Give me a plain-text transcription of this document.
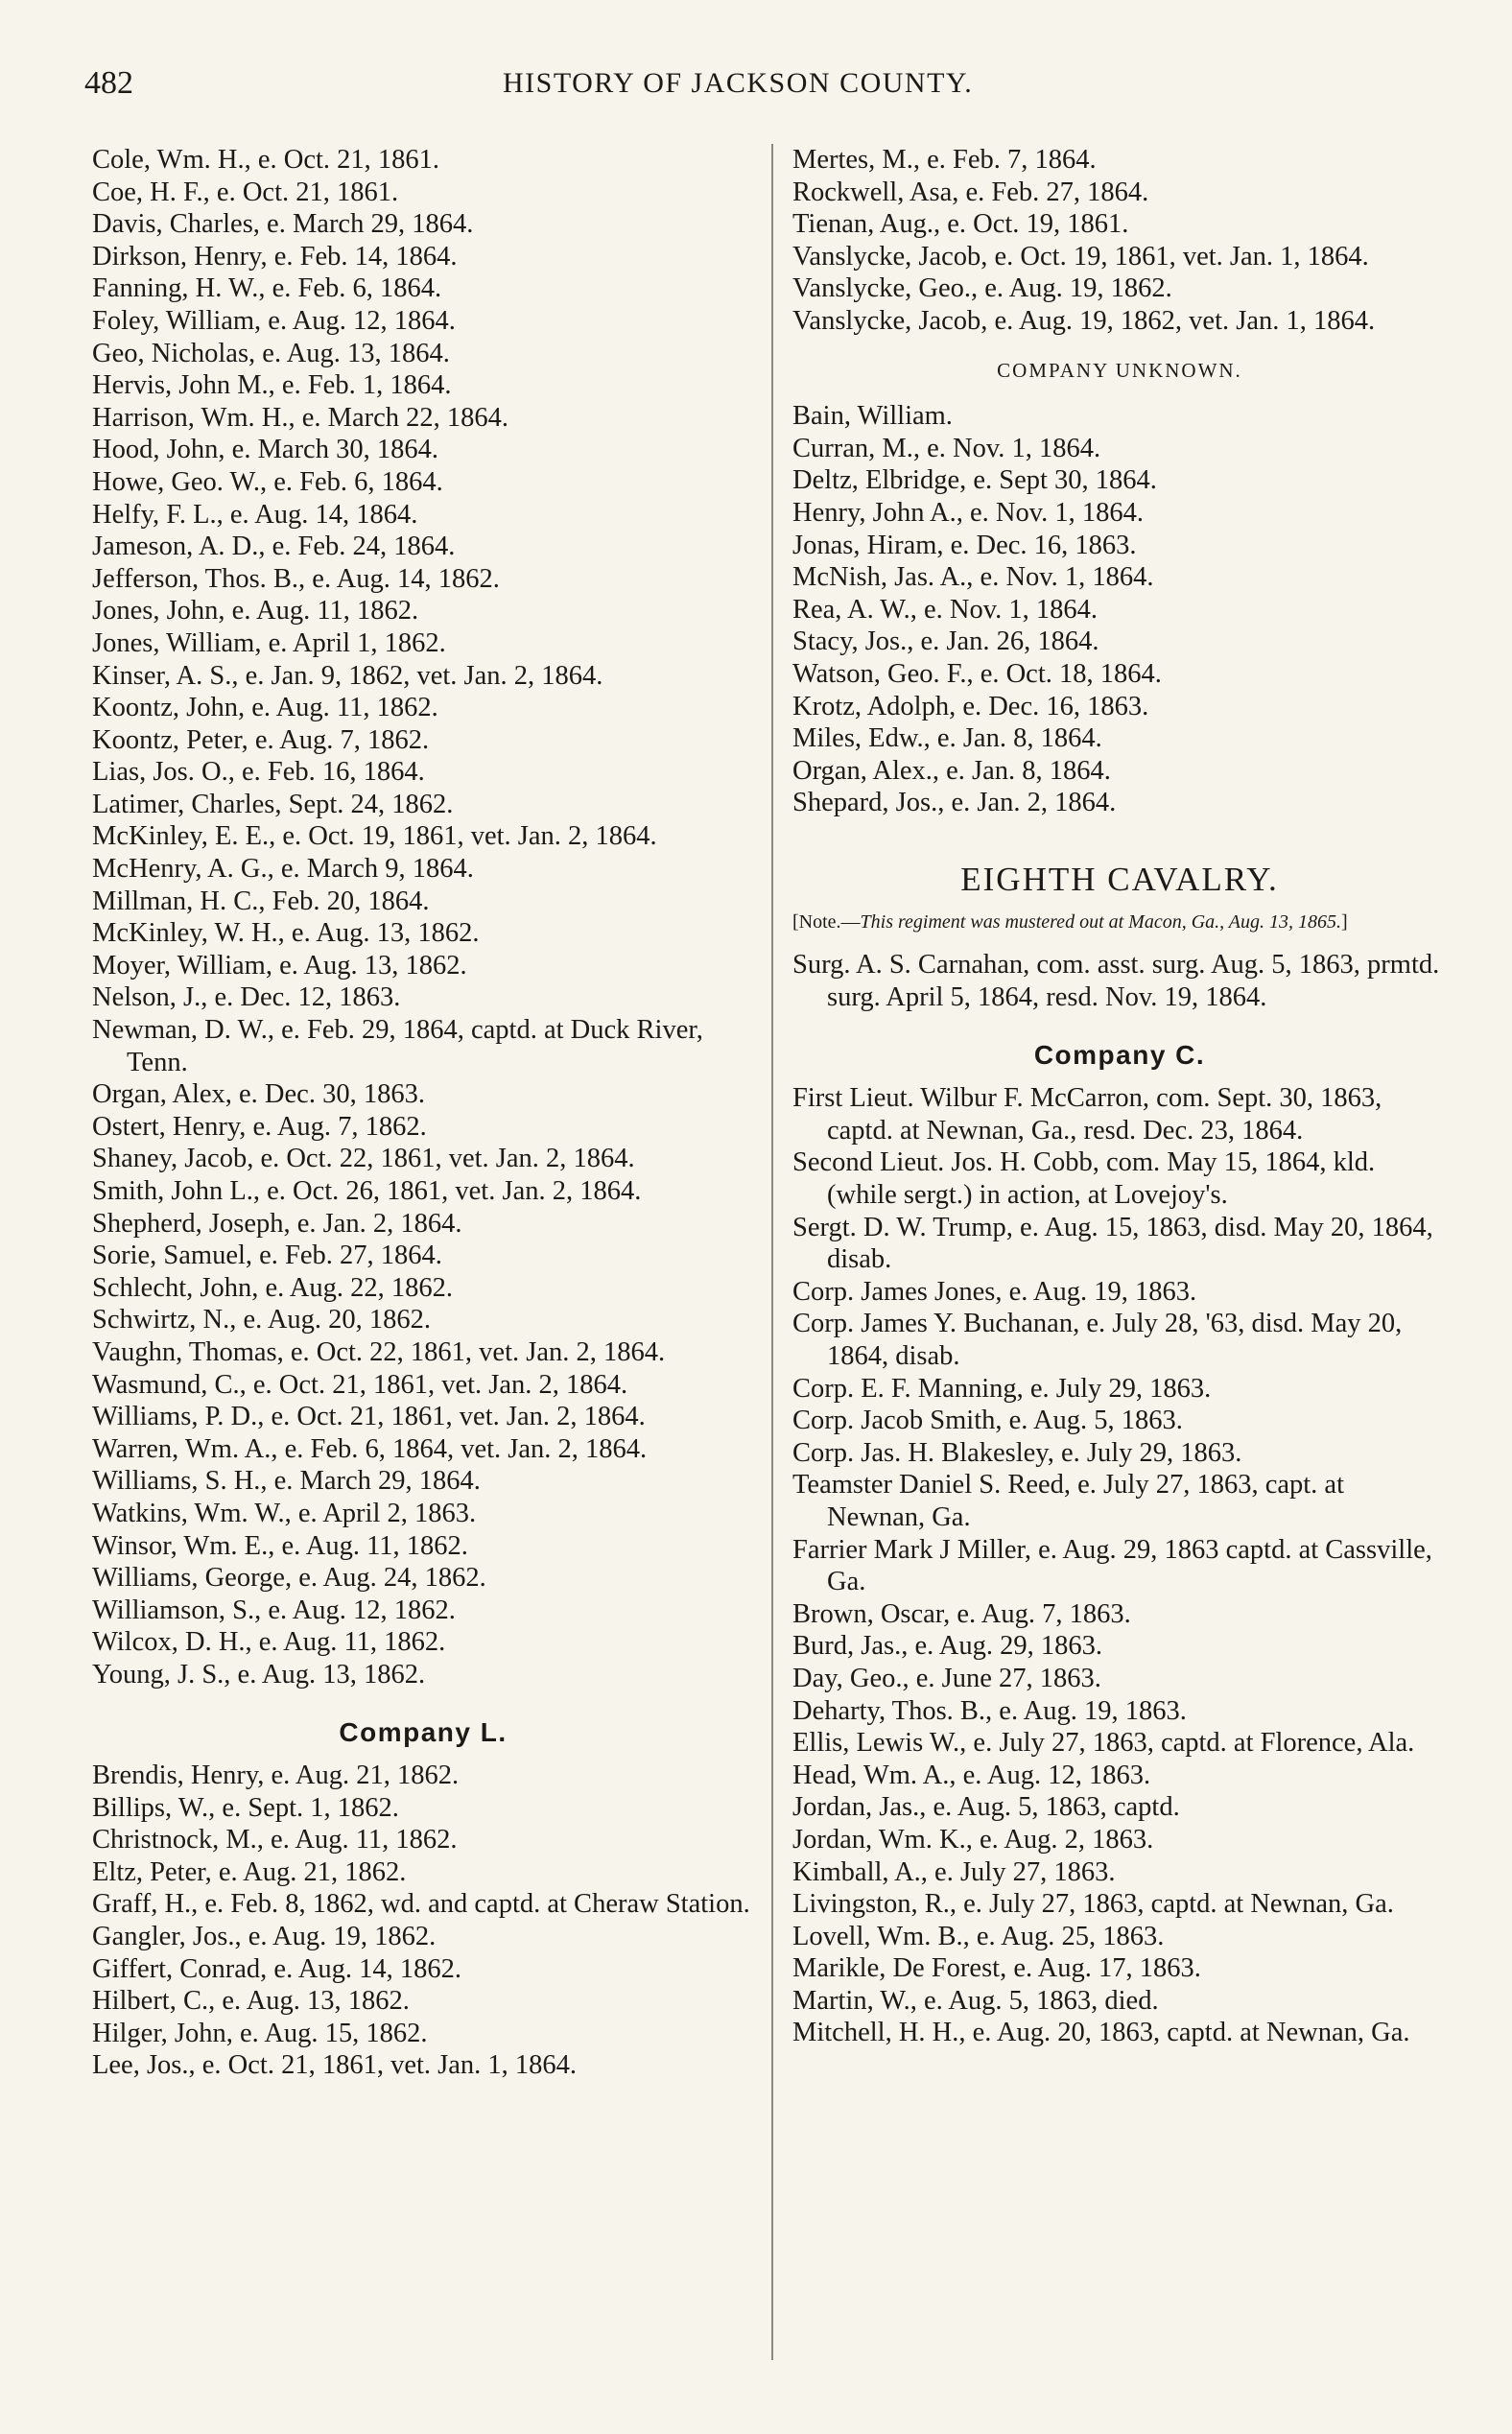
482	HISTORY OF JACKSON COUNTY.
Cole, Wm. H., e. Oct. 21, 1861.
Coe, H. F., e. Oct. 21, 1861.
Davis, Charles, e. March 29, 1864.
Dirkson, Henry, e. Feb. 14, 1864.
Fanning, H. W., e. Feb. 6, 1864.
Foley, William, e. Aug. 12, 1864.
Geo, Nicholas, e. Aug. 13, 1864.
Hervis, John M., e. Feb. 1, 1864.
Harrison, Wm. H., e. March 22, 1864.
Hood, John, e. March 30, 1864.
Howe, Geo. W., e. Feb. 6, 1864.
Helfy, F. L., e. Aug. 14, 1864.
Jameson, A. D., e. Feb. 24, 1864.
Jefferson, Thos. B., e. Aug. 14, 1862.
Jones, John, e. Aug. 11, 1862.
Jones, William, e. April 1, 1862.
Kinser, A. S., e. Jan. 9, 1862, vet. Jan. 2, 1864.
Koontz, John, e. Aug. 11, 1862.
Koontz, Peter, e. Aug. 7, 1862.
Lias, Jos. O., e. Feb. 16, 1864.
Latimer, Charles, Sept. 24, 1862.
McKinley, E. E., e. Oct. 19, 1861, vet. Jan. 2, 1864.
McHenry, A. G., e. March 9, 1864.
Millman, H. C., Feb. 20, 1864.
McKinley, W. H., e. Aug. 13, 1862.
Moyer, William, e. Aug. 13, 1862.
Nelson, J., e. Dec. 12, 1863.
Newman, D. W., e. Feb. 29, 1864, captd. at Duck River, Tenn.
Organ, Alex, e. Dec. 30, 1863.
Ostert, Henry, e. Aug. 7, 1862.
Shaney, Jacob, e. Oct. 22, 1861, vet. Jan. 2, 1864.
Smith, John L., e. Oct. 26, 1861, vet. Jan. 2, 1864.
Shepherd, Joseph, e. Jan. 2, 1864.
Sorie, Samuel, e. Feb. 27, 1864.
Schlecht, John, e. Aug. 22, 1862.
Schwirtz, N., e. Aug. 20, 1862.
Vaughn, Thomas, e. Oct. 22, 1861, vet. Jan. 2, 1864.
Wasmund, C., e. Oct. 21, 1861, vet. Jan. 2, 1864.
Williams, P. D., e. Oct. 21, 1861, vet. Jan. 2, 1864.
Warren, Wm. A., e. Feb. 6, 1864, vet. Jan. 2, 1864.
Williams, S. H., e. March 29, 1864.
Watkins, Wm. W., e. April 2, 1863.
Winsor, Wm. E., e. Aug. 11, 1862.
Williams, George, e. Aug. 24, 1862.
Williamson, S., e. Aug. 12, 1862.
Wilcox, D. H., e. Aug. 11, 1862.
Young, J. S., e. Aug. 13, 1862.
Company L.
Brendis, Henry, e. Aug. 21, 1862.
Billips, W., e. Sept. 1, 1862.
Christnock, M., e. Aug. 11, 1862.
Eltz, Peter, e. Aug. 21, 1862.
Graff, H., e. Feb. 8, 1862, wd. and captd. at Cheraw Station.
Gangler, Jos., e. Aug. 19, 1862.
Giffert, Conrad, e. Aug. 14, 1862.
Hilbert, C., e. Aug. 13, 1862.
Hilger, John, e. Aug. 15, 1862.
Lee, Jos., e. Oct. 21, 1861, vet. Jan. 1, 1864.
Mertes, M., e. Feb. 7, 1864.
Rockwell, Asa, e. Feb. 27, 1864.
Tienan, Aug., e. Oct. 19, 1861.
Vanslycke, Jacob, e. Oct. 19, 1861, vet. Jan. 1, 1864.
Vanslycke, Geo., e. Aug. 19, 1862.
Vanslycke, Jacob, e. Aug. 19, 1862, vet. Jan. 1, 1864.
COMPANY UNKNOWN.
Bain, William.
Curran, M., e. Nov. 1, 1864.
Deltz, Elbridge, e. Sept 30, 1864.
Henry, John A., e. Nov. 1, 1864.
Jonas, Hiram, e. Dec. 16, 1863.
McNish, Jas. A., e. Nov. 1, 1864.
Rea, A. W., e. Nov. 1, 1864.
Stacy, Jos., e. Jan. 26, 1864.
Watson, Geo. F., e. Oct. 18, 1864.
Krotz, Adolph, e. Dec. 16, 1863.
Miles, Edw., e. Jan. 8, 1864.
Organ, Alex., e. Jan. 8, 1864.
Shepard, Jos., e. Jan. 2, 1864.
EIGHTH CAVALRY.
[Note.—This regiment was mustered out at Macon, Ga., Aug. 13, 1865.]
Surg. A. S. Carnahan, com. asst. surg. Aug. 5, 1863, prmtd. surg. April 5, 1864, resd. Nov. 19, 1864.
Company C.
First Lieut. Wilbur F. McCarron, com. Sept. 30, 1863, captd. at Newnan, Ga., resd. Dec. 23, 1864.
Second Lieut. Jos. H. Cobb, com. May 15, 1864, kld. (while sergt.) in action, at Lovejoy's.
Sergt. D. W. Trump, e. Aug. 15, 1863, disd. May 20, 1864, disab.
Corp. James Jones, e. Aug. 19, 1863.
Corp. James Y. Buchanan, e. July 28, '63, disd. May 20, 1864, disab.
Corp. E. F. Manning, e. July 29, 1863.
Corp. Jacob Smith, e. Aug. 5, 1863.
Corp. Jas. H. Blakesley, e. July 29, 1863.
Teamster Daniel S. Reed, e. July 27, 1863, capt. at Newnan, Ga.
Farrier Mark J Miller, e. Aug. 29, 1863 captd. at Cassville, Ga.
Brown, Oscar, e. Aug. 7, 1863.
Burd, Jas., e. Aug. 29, 1863.
Day, Geo., e. June 27, 1863.
Deharty, Thos. B., e. Aug. 19, 1863.
Ellis, Lewis W., e. July 27, 1863, captd. at Florence, Ala.
Head, Wm. A., e. Aug. 12, 1863.
Jordan, Jas., e. Aug. 5, 1863, captd.
Jordan, Wm. K., e. Aug. 2, 1863.
Kimball, A., e. July 27, 1863.
Livingston, R., e. July 27, 1863, captd. at Newnan, Ga.
Lovell, Wm. B., e. Aug. 25, 1863.
Marikle, De Forest, e. Aug. 17, 1863.
Martin, W., e. Aug. 5, 1863, died.
Mitchell, H. H., e. Aug. 20, 1863, captd. at Newnan, Ga.
